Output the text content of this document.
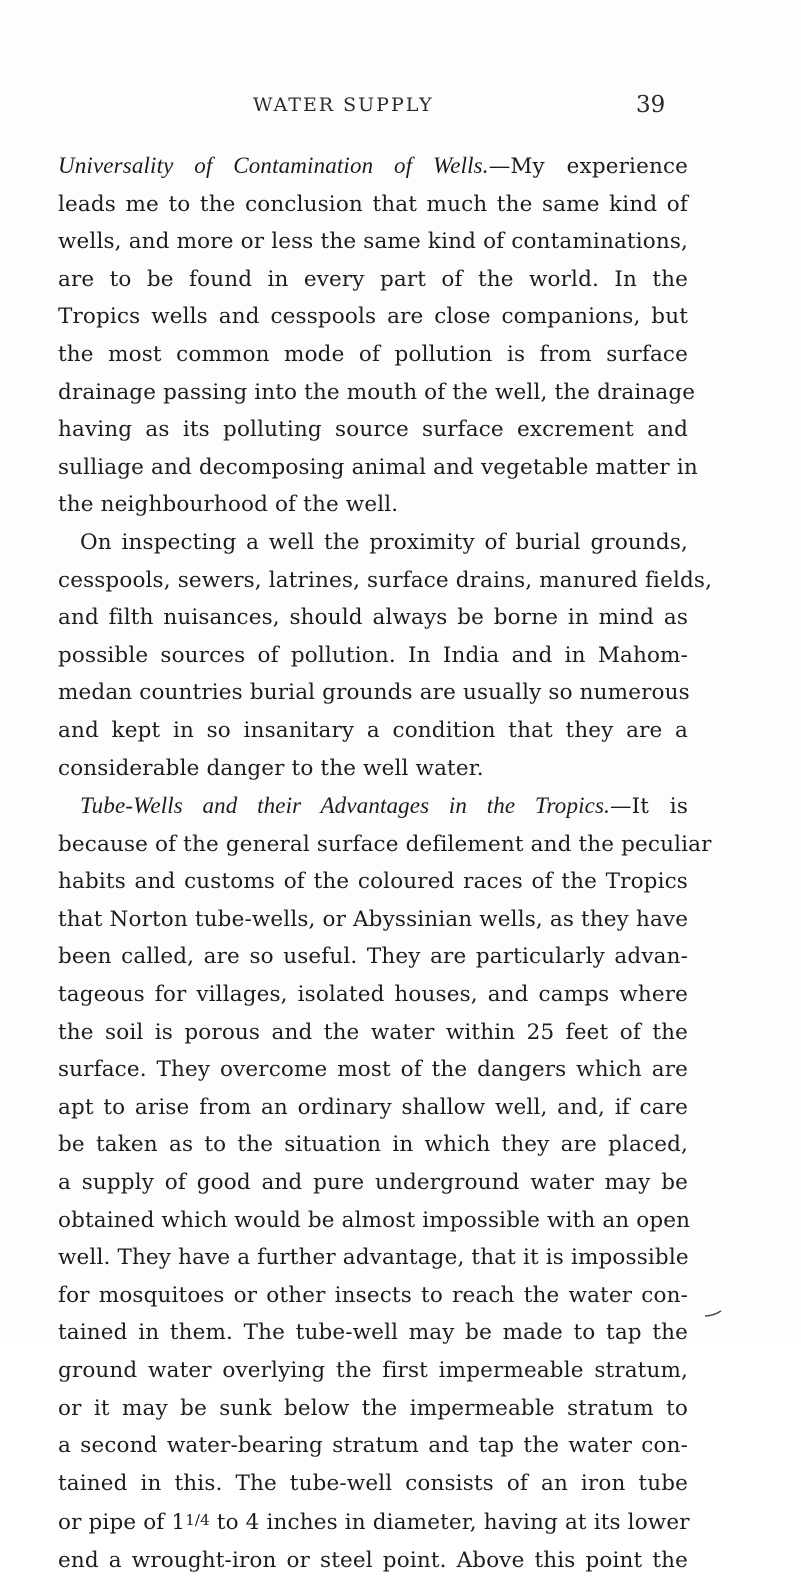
WATER SUPPLY	39
Universality of Contamination of Wells.—My experience
leads me to the conclusion that much the same kind of
wells, and more or less the same kind of contaminations,
are to be found in every part of the world. In the
Tropics wells and cesspools are close companions, but
the most common mode of pollution is from surface
drainage passing into the mouth of the well, the drainage
having as its polluting source surface excrement and
sulliage and decomposing animal and vegetable matter in
the neighbourhood of the well.
On inspecting a well the proximity of burial grounds,
cesspools, sewers, latrines, surface drains, manured fields,
and filth nuisances, should always be borne in mind as
possible sources of pollution. In India and in Mahom-
medan countries burial grounds are usually so numerous
and kept in so insanitary a condition that they are a
considerable danger to the well water.
Tube-Wells and their Advantages in the Tropics.—It is
because of the general surface defilement and the peculiar
habits and customs of the coloured races of the Tropics
that Norton tube-wells, or Abyssinian wells, as they have
been called, are so useful. They are particularly advan-
tageous for villages, isolated houses, and camps where
the soil is porous and the water within 25 feet of the
surface. They overcome most of the dangers which are
apt to arise from an ordinary shallow well, and, if care
be taken as to the situation in which they are placed,
a supply of good and pure underground water may be
obtained which would be almost impossible with an open
well. They have a further advantage, that it is impossible
for mosquitoes or other insects to reach the water con-
tained in them. The tube-well may be made to tap the
ground water overlying the first impermeable stratum,
or it may be sunk below the impermeable stratum to
a second water-bearing stratum and tap the water con-
tained in this. The tube-well consists of an iron tube
or pipe of 11/4 to 4 inches in diameter, having at its lower
end a wrought-iron or steel point. Above this point the
